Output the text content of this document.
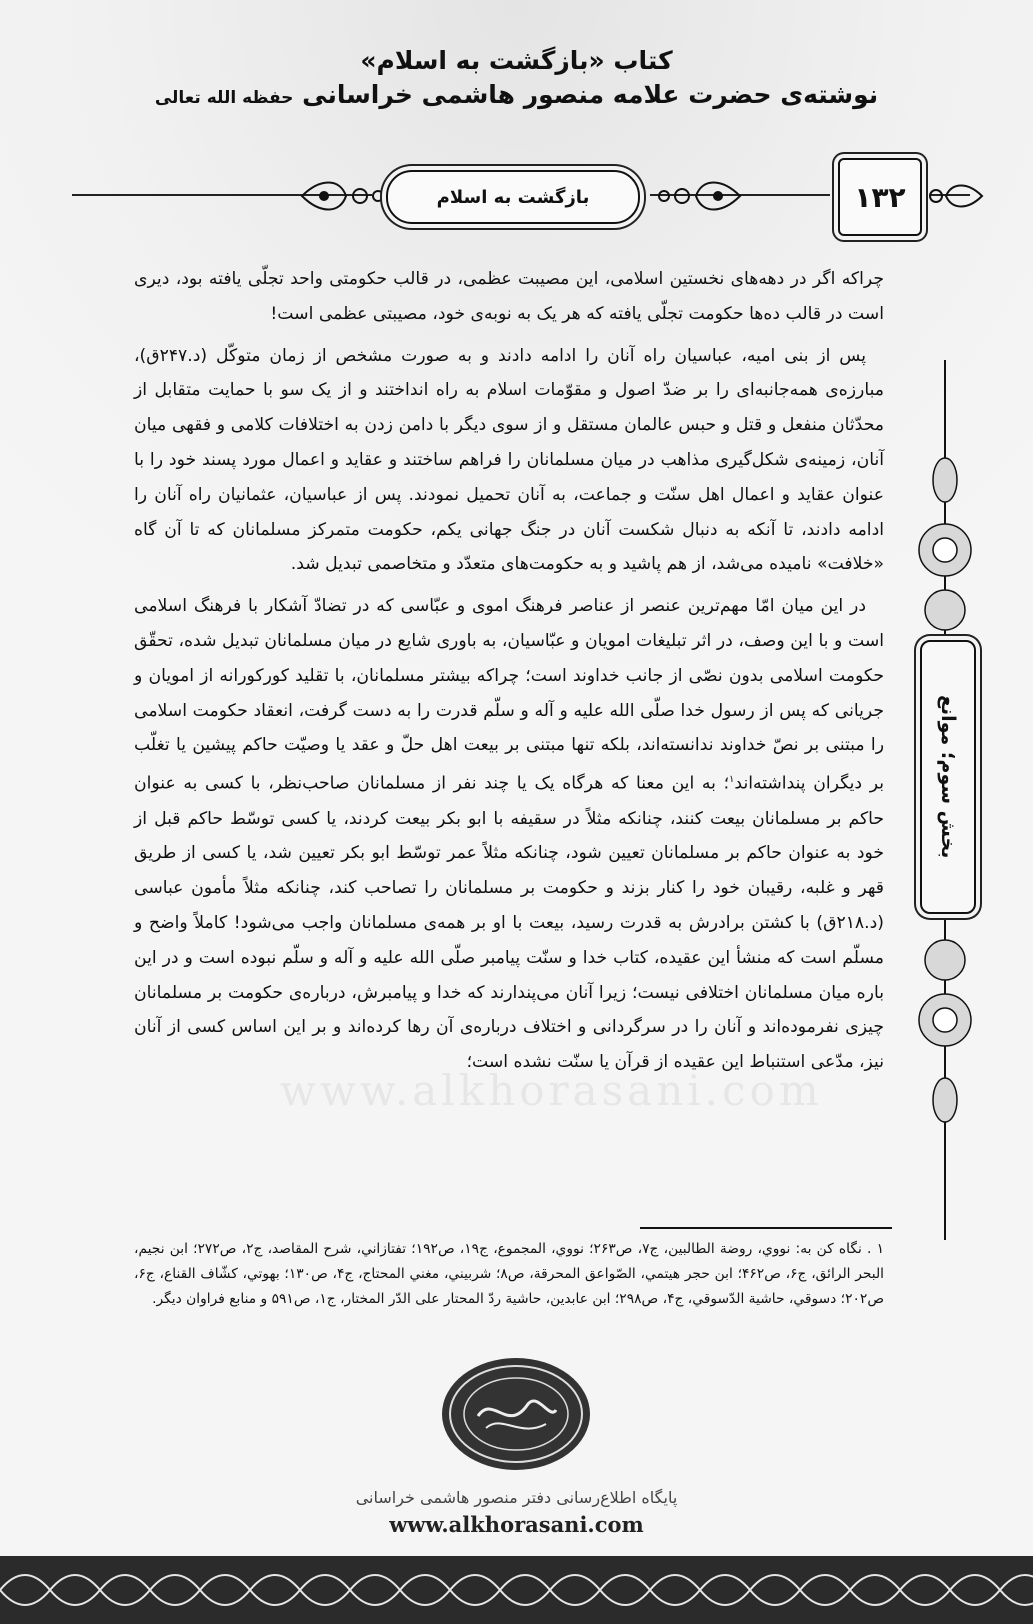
www.alkhorasani.com
کتاب «بازگشت به اسلام»
نوشته‌ی حضرت علامه منصور هاشمی خراسانی حفظه الله تعالی
بازگشت به اسلام	۱۳۲

چراکه اگر در دهه‌های نخستین اسلامی، این مصیبت عظمی، در قالب حکومتی واحد تجلّی یافته بود، دیری است در قالب ده‌ها حکومت تجلّی یافته که هر یک به نوبه‌ی خود، مصیبتی عظمی است!

پس از بنی امیه، عباسیان راه آنان را ادامه دادند و به صورت مشخص از زمان متوکّل (د.۲۴۷ق)، مبارزه‌ی همه‌جانبه‌ای را بر ضدّ اصول و مقوّمات اسلام به راه انداختند و از یک سو با حمایت متقابل از محدّثان منفعل و قتل و حبس عالمان مستقل و از سوی دیگر با دامن زدن به اختلافات کلامی و فقهی میان آنان، زمینه‌ی شکل‌گیری مذاهب در میان مسلمانان را فراهم ساختند و عقاید و اعمال مورد پسند خود را با عنوان عقاید و اعمال اهل سنّت و جماعت، به آنان تحمیل نمودند. پس از عباسیان، عثمانیان راه آنان را ادامه دادند، تا آنکه به دنبال شکست آنان در جنگ جهانی یکم، حکومت متمرکز مسلمانان که تا آن گاه «خلافت» نامیده می‌شد، از هم پاشید و به حکومت‌های متعدّد و متخاصمی تبدیل شد.

در این میان امّا مهم‌ترین عنصر از عناصر فرهنگ اموی و عبّاسی که در تضادّ آشکار با فرهنگ اسلامی است و با این وصف، در اثر تبلیغات امویان و عبّاسیان، به باوری شایع در میان مسلمانان تبدیل شده، تحقّق حکومت اسلامی بدون نصّی از جانب خداوند است؛ چراکه بیشتر مسلمانان، با تقلید کورکورانه از امویان و جریانی که پس از رسول خدا صلّی الله علیه و آله و سلّم قدرت را به دست گرفت، انعقاد حکومت اسلامی را مبتنی بر نصّ خداوند ندانسته‌اند، بلکه تنها مبتنی بر بیعت اهل حلّ و عقد یا وصیّت حاکم پیشین یا تغلّب بر دیگران پنداشته‌اند$^۱$؛ به این معنا که هرگاه یک یا چند نفر از مسلمانان صاحب‌نظر، با کسی به عنوان حاکم بر مسلمانان بیعت کنند، چنانکه مثلاً در سقیفه با ابو بکر بیعت کردند، یا کسی توسّط حاکم قبل از خود به عنوان حاکم بر مسلمانان تعیین شود، چنانکه مثلاً عمر توسّط ابو بکر تعیین شد، یا کسی از طریق قهر و غلبه، رقیبان خود را کنار بزند و حکومت بر مسلمانان را تصاحب کند، چنانکه مثلاً مأمون عباسی (د.۲۱۸ق) با کشتن برادرش به قدرت رسید، بیعت با او بر همه‌ی مسلمانان واجب می‌شود! کاملاً واضح و مسلّم است که منشأ این عقیده، کتاب خدا و سنّت پیامبر صلّی الله علیه و آله و سلّم نبوده است و در این باره میان مسلمانان اختلافی نیست؛ زیرا آنان می‌پندارند که خدا و پیامبرش، درباره‌ی حکومت بر مسلمانان چیزی نفرموده‌اند و آنان را در سرگردانی و اختلاف درباره‌ی آن رها کرده‌اند و بر این اساس کسی از آنان نیز، مدّعی استنباط این عقیده از قرآن یا سنّت نشده است؛

بخش سوم؛ موانع
۱ . نگاه کن به: نووي، روضة الطالبين، ج۷، ص۲۶۳؛ نووي، المجموع، ج۱۹، ص۱۹۲؛ تفتازاني، شرح المقاصد، ج۲، ص۲۷۲؛ ابن نجيم، البحر الرائق، ج۶، ص۴۶۲؛ ابن حجر هيتمي، الصّواعق المحرقة، ص۸؛ شربيني، مغني المحتاج، ج۴، ص۱۳۰؛ بهوتي، كشّاف القناع، ج۶، ص۲۰۲؛ دسوقي، حاشية الدّسوقي، ج۴، ص۲۹۸؛ ابن عابدين، حاشية ردّ المحتار على الدّر المختار، ج۱، ص۵۹۱ و منابع فراوان دیگر.
پایگاه اطلاع‌رسانی دفتر منصور هاشمی خراسانی
www.alkhorasani.com
